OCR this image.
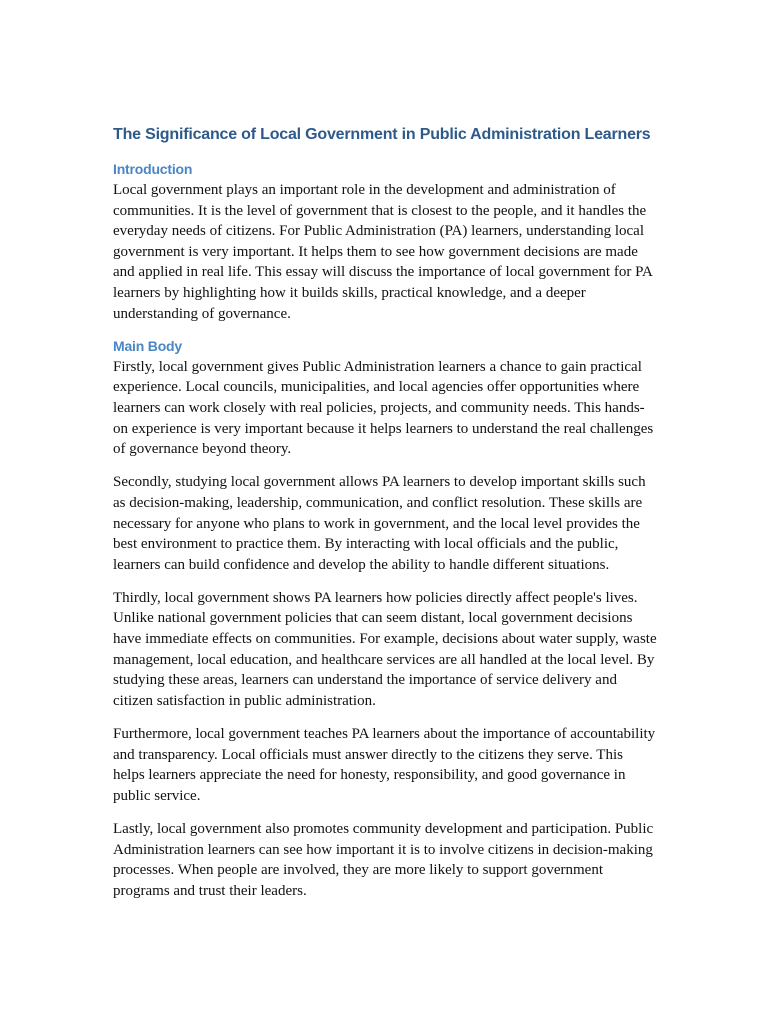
The Significance of Local Government in Public Administration Learners
Introduction

Local government plays an important role in the development and administration of communities. It is the level of government that is closest to the people, and it handles the everyday needs of citizens. For Public Administration (PA) learners, understanding local government is very important. It helps them to see how government decisions are made and applied in real life. This essay will discuss the importance of local government for PA learners by highlighting how it builds skills, practical knowledge, and a deeper understanding of governance.

Main Body

Firstly, local government gives Public Administration learners a chance to gain practical experience. Local councils, municipalities, and local agencies offer opportunities where learners can work closely with real policies, projects, and community needs. This hands-on experience is very important because it helps learners to understand the real challenges of governance beyond theory.

Secondly, studying local government allows PA learners to develop important skills such as decision-making, leadership, communication, and conflict resolution. These skills are necessary for anyone who plans to work in government, and the local level provides the best environment to practice them. By interacting with local officials and the public, learners can build confidence and develop the ability to handle different situations.

Thirdly, local government shows PA learners how policies directly affect people's lives. Unlike national government policies that can seem distant, local government decisions have immediate effects on communities. For example, decisions about water supply, waste management, local education, and healthcare services are all handled at the local level. By studying these areas, learners can understand the importance of service delivery and citizen satisfaction in public administration.

Furthermore, local government teaches PA learners about the importance of accountability and transparency. Local officials must answer directly to the citizens they serve. This helps learners appreciate the need for honesty, responsibility, and good governance in public service.

Lastly, local government also promotes community development and participation. Public Administration learners can see how important it is to involve citizens in decision-making processes. When people are involved, they are more likely to support government programs and trust their leaders.
